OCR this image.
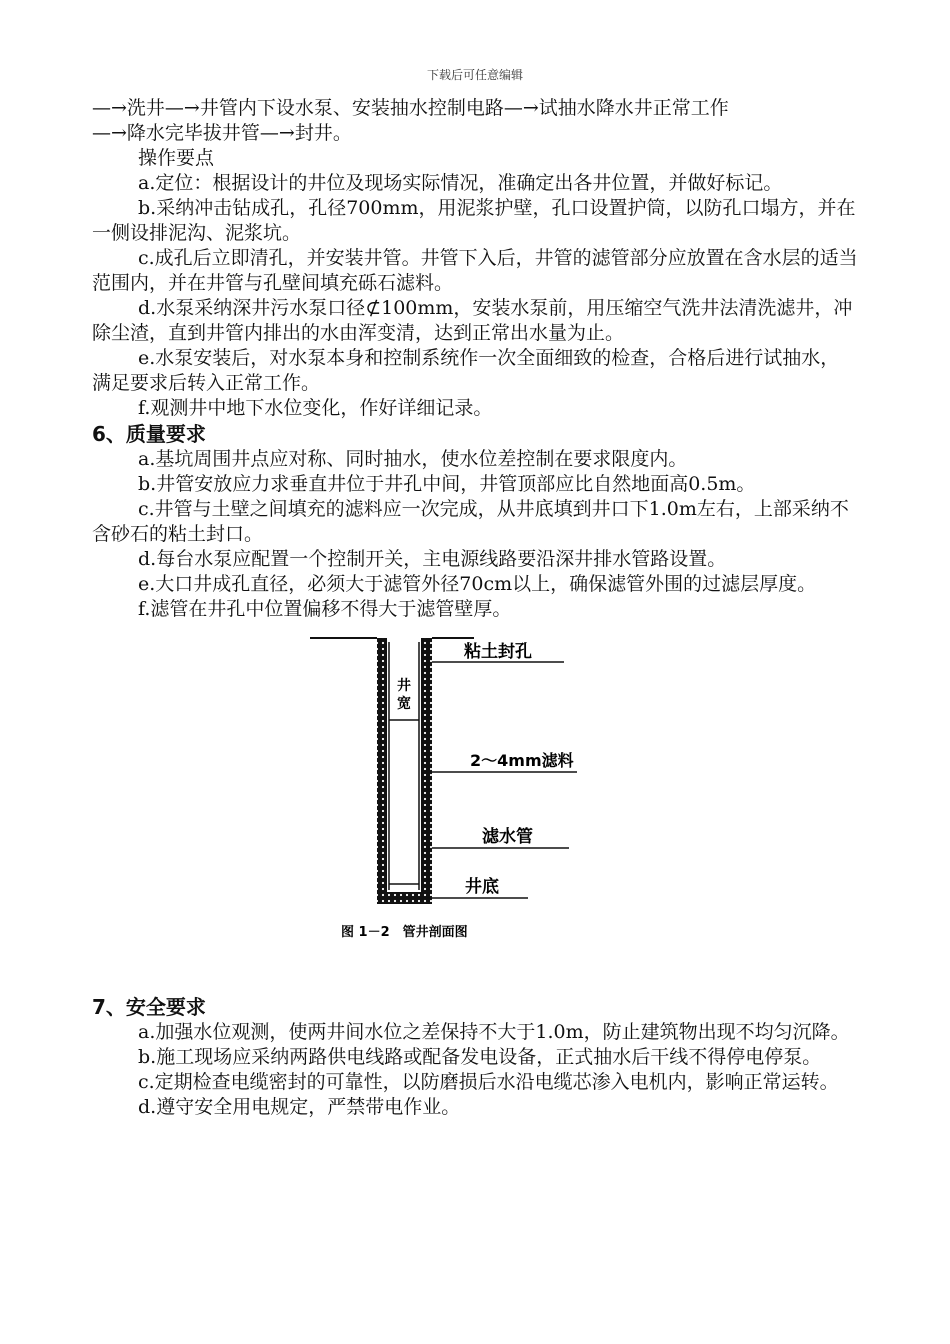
下载后可任意编辑

—→洗井—→井管内下设水泵、安装抽水控制电路—→试抽水降水井正常工作

—→降水完毕拔井管—→封井。

操作要点

a.定位：根据设计的井位及现场实际情况，准确定出各井位置，并做好标记。

b.采纳冲击钻成孔，孔径700mm，用泥浆护壁，孔口设置护筒，以防孔口塌方，并在一侧设排泥沟、泥浆坑。

c.成孔后立即清孔，并安装井管。井管下入后，井管的滤管部分应放置在含水层的适当范围内，并在井管与孔壁间填充砾石滤料。

d.水泵采纳深井污水泵口径⊄100mm，安装水泵前，用压缩空气洗井法清洗滤井，冲除尘渣，直到井管内排出的水由浑变清，达到正常出水量为止。

e.水泵安装后，对水泵本身和控制系统作一次全面细致的检查，合格后进行试抽水，满足要求后转入正常工作。

f.观测井中地下水位变化，作好详细记录。

6、质量要求

a.基坑周围井点应对称、同时抽水，使水位差控制在要求限度内。

b.井管安放应力求垂直井位于井孔中间，井管顶部应比自然地面高0.5m。

c.井管与土壁之间填充的滤料应一次完成，从井底填到井口下1.0m左右，上部采纳不含砂石的粘土封口。

d.每台水泵应配置一个控制开关，主电源线路要沿深井排水管路设置。

e.大口井成孔直径，必须大于滤管外径70cm以上，确保滤管外围的过滤层厚度。

f.滤管在井孔中位置偏移不得大于滤管壁厚。

井
宽
粘土封孔
2～4mm滤料
滤水管
井底
图 1－2　管井剖面图

7、安全要求

a.加强水位观测，使两井间水位之差保持不大于1.0m，防止建筑物出现不均匀沉降。

b.施工现场应采纳两路供电线路或配备发电设备，正式抽水后干线不得停电停泵。

c.定期检查电缆密封的可靠性，以防磨损后水沿电缆芯渗入电机内，影响正常运转。

d.遵守安全用电规定，严禁带电作业。
